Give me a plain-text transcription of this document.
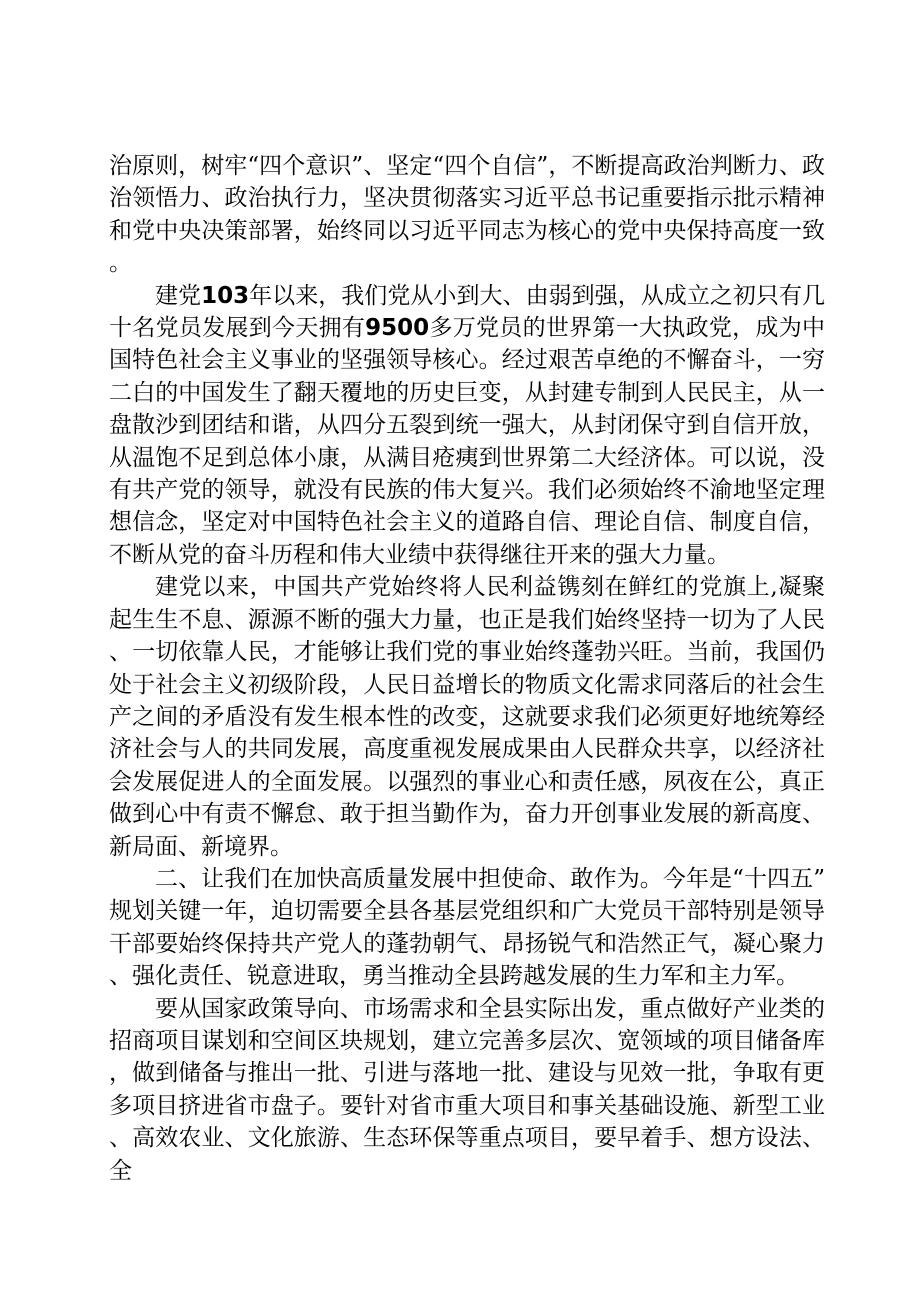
治原则，树牢“四个意识”、坚定“四个自信”，不断提高政治判断力、政治领悟力、政治执行力，坚决贯彻落实习近平总书记重要指示批示精神和党中央决策部署，始终同以习近平同志为核心的党中央保持高度一致。

建党103年以来，我们党从小到大、由弱到强，从成立之初只有几十名党员发展到今天拥有9500多万党员的世界第一大执政党，成为中国特色社会主义事业的坚强领导核心。经过艰苦卓绝的不懈奋斗，一穷二白的中国发生了翻天覆地的历史巨变，从封建专制到人民民主，从一盘散沙到团结和谐，从四分五裂到统一强大，从封闭保守到自信开放，从温饱不足到总体小康，从满目疮痍到世界第二大经济体。可以说，没有共产党的领导，就没有民族的伟大复兴。我们必须始终不渝地坚定理想信念，坚定对中国特色社会主义的道路自信、理论自信、制度自信，不断从党的奋斗历程和伟大业绩中获得继往开来的强大力量。

建党以来，中国共产党始终将人民利益镌刻在鲜红的党旗上,凝聚起生生不息、源源不断的强大力量，也正是我们始终坚持一切为了人民、一切依靠人民，才能够让我们党的事业始终蓬勃兴旺。当前，我国仍处于社会主义初级阶段，人民日益增长的物质文化需求同落后的社会生产之间的矛盾没有发生根本性的改变，这就要求我们必须更好地统筹经济社会与人的共同发展，高度重视发展成果由人民群众共享，以经济社会发展促进人的全面发展。以强烈的事业心和责任感，夙夜在公，真正做到心中有责不懈怠、敢于担当勤作为，奋力开创事业发展的新高度、新局面、新境界。

二、让我们在加快高质量发展中担使命、敢作为。今年是“十四五”规划关键一年，迫切需要全县各基层党组织和广大党员干部特别是领导干部要始终保持共产党人的蓬勃朝气、昂扬锐气和浩然正气，凝心聚力、强化责任、锐意进取，勇当推动全县跨越发展的生力军和主力军。

要从国家政策导向、市场需求和全县实际出发，重点做好产业类的招商项目谋划和空间区块规划，建立完善多层次、宽领域的项目储备库，做到储备与推出一批、引进与落地一批、建设与见效一批，争取有更多项目挤进省市盘子。要针对省市重大项目和事关基础设施、新型工业、高效农业、文化旅游、生态环保等重点项目，要早着手、想方设法、全
